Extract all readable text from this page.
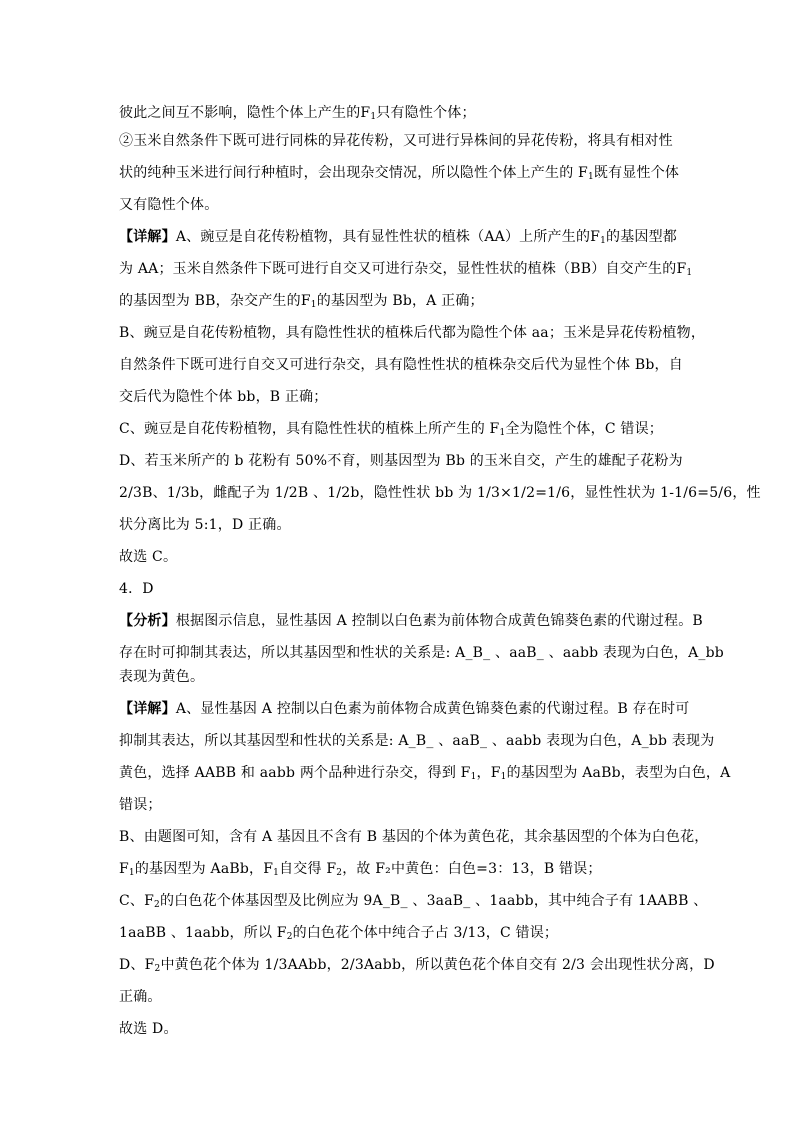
彼此之间互不影响，隐性个体上产生的$F_1$只有隐性个体；
②玉米自然条件下既可进行同株的异花传粉，又可进行异株间的异花传粉，将具有相对性
状的纯种玉米进行间行种植时，会出现杂交情况，所以隐性个体上产生的 $F_1$既有显性个体
又有隐性个体。
【详解】A、豌豆是自花传粉植物，具有显性性状的植株（AA）上所产生的$F_1$的基因型都
为 AA；玉米自然条件下既可进行自交又可进行杂交，显性性状的植株（BB）自交产生的$F_1$
的基因型为 BB，杂交产生的$F_1$的基因型为 Bb，A 正确；
B、豌豆是自花传粉植物，具有隐性性状的植株后代都为隐性个体 aa；玉米是异花传粉植物，
自然条件下既可进行自交又可进行杂交，具有隐性性状的植株杂交后代为显性个体 Bb，自
交后代为隐性个体 bb，B 正确；
C、豌豆是自花传粉植物，具有隐性性状的植株上所产生的 $F_1$全为隐性个体，C 错误；
D、若玉米所产的 b 花粉有 50%不育，则基因型为 Bb 的玉米自交，产生的雄配子花粉为
2/3B、1/3b，雌配子为 1/2B 、1/2b，隐性性状 bb 为 1/3×1/2=1/6，显性性状为 1-1/6=5/6，性
状分离比为 5:1，D 正确。
故选 C。
4．D
【分析】根据图示信息，显性基因 A 控制以白色素为前体物合成黄色锦葵色素的代谢过程。B
存在时可抑制其表达，所以其基因型和性状的关系是: A_B_ 、aaB_ 、aabb 表现为白色，A_bb
表现为黄色。
【详解】A、显性基因 A 控制以白色素为前体物合成黄色锦葵色素的代谢过程。B 存在时可
抑制其表达，所以其基因型和性状的关系是: A_B_ 、aaB_ 、aabb 表现为白色，A_bb 表现为
黄色，选择 AABB 和 aabb 两个品种进行杂交，得到 $F_1$，$F_1$的基因型为 AaBb，表型为白色，A
错误；
B、由题图可知，含有 A 基因且不含有 B 基因的个体为黄色花，其余基因型的个体为白色花，
$F_1$的基因型为 AaBb，$F_1$自交得 $F_2$，故 F₂中黄色：白色=3：13，B 错误；
C、$F_2$的白色花个体基因型及比例应为 9A_B_ 、3aaB_ 、1aabb，其中纯合子有 1AABB 、
1aaBB 、1aabb，所以 $F_2$的白色花个体中纯合子占 3/13，C 错误；
D、$F_2$中黄色花个体为 1/3AAbb，2/3Aabb，所以黄色花个体自交有 2/3 会出现性状分离，D
正确。
故选 D。
